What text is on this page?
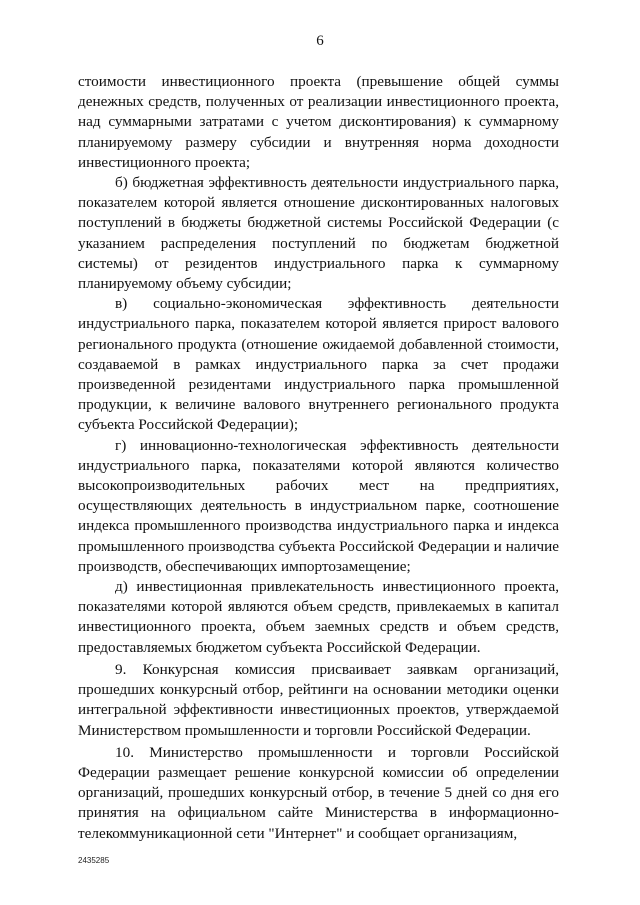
6

стоимости инвестиционного проекта (превышение общей суммы денежных средств, полученных от реализации инвестиционного проекта, над суммарными затратами с учетом дисконтирования) к суммарному планируемому размеру субсидии и внутренняя норма доходности инвестиционного проекта;

б) бюджетная эффективность деятельности индустриального парка, показателем которой является отношение дисконтированных налоговых поступлений в бюджеты бюджетной системы Российской Федерации (с указанием распределения поступлений по бюджетам бюджетной системы) от резидентов индустриального парка к суммарному планируемому объему субсидии;

в) социально-экономическая эффективность деятельности индустриального парка, показателем которой является прирост валового регионального продукта (отношение ожидаемой добавленной стоимости, создаваемой в рамках индустриального парка за счет продажи произведенной резидентами индустриального парка промышленной продукции, к величине валового внутреннего регионального продукта субъекта Российской Федерации);

г) инновационно-технологическая эффективность деятельности индустриального парка, показателями которой являются количество высокопроизводительных рабочих мест на предприятиях, осуществляющих деятельность в индустриальном парке, соотношение индекса промышленного производства индустриального парка и индекса промышленного производства субъекта Российской Федерации и наличие производств, обеспечивающих импортозамещение;

д) инвестиционная привлекательность инвестиционного проекта, показателями которой являются объем средств, привлекаемых в капитал инвестиционного проекта, объем заемных средств и объем средств, предоставляемых бюджетом субъекта Российской Федерации.

9. Конкурсная комиссия присваивает заявкам организаций, прошедших конкурсный отбор, рейтинги на основании методики оценки интегральной эффективности инвестиционных проектов, утверждаемой Министерством промышленности и торговли Российской Федерации.

10. Министерство промышленности и торговли Российской Федерации размещает решение конкурсной комиссии об определении организаций, прошедших конкурсный отбор, в течение 5 дней со дня его принятия на официальном сайте Министерства в информационно-телекоммуникационной сети "Интернет" и сообщает организациям,

2435285
